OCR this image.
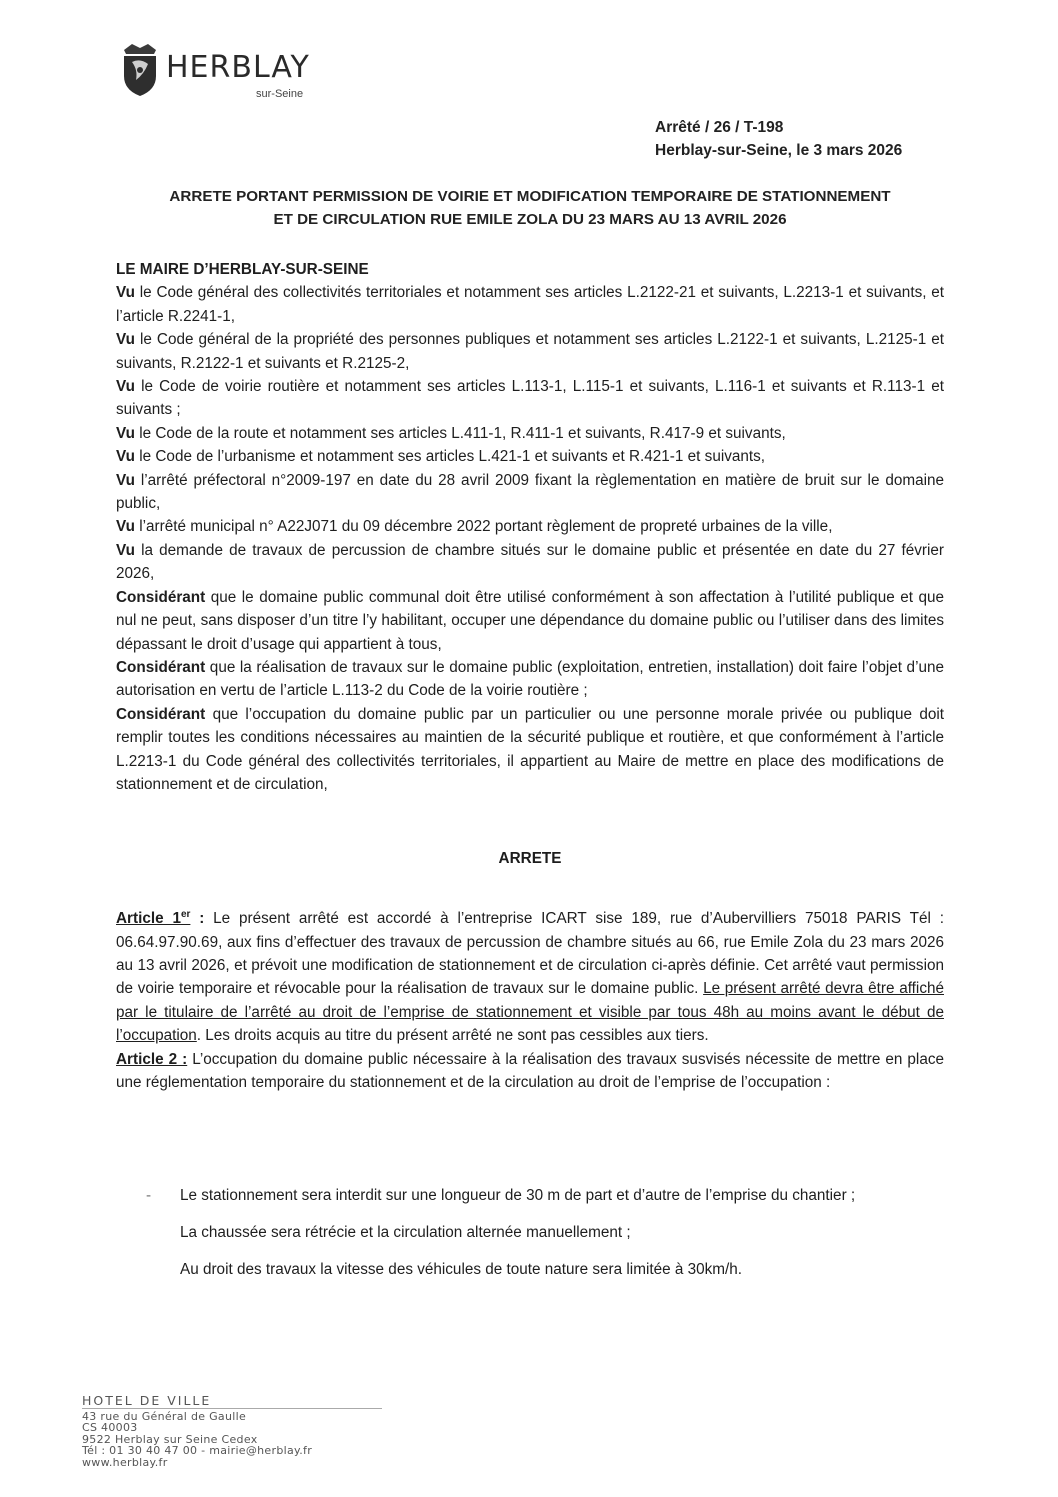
HERBLAY
sur-Seine
Arrêté / 26 / T-198
Herblay-sur-Seine, le 3 mars 2026
ARRETE PORTANT PERMISSION DE VOIRIE ET MODIFICATION TEMPORAIRE DE STATIONNEMENT
ET DE CIRCULATION RUE EMILE ZOLA DU 23 MARS AU 13 AVRIL 2026

LE MAIRE D’HERBLAY-SUR-SEINE

Vu le Code général des collectivités territoriales et notamment ses articles L.2122-21 et suivants, L.2213-1 et suivants, et l’article R.2241-1,

Vu le Code général de la propriété des personnes publiques et notamment ses articles L.2122-1 et suivants, L.2125-1 et suivants, R.2122-1 et suivants et R.2125-2,

Vu le Code de voirie routière et notamment ses articles L.113-1, L.115-1 et suivants, L.116-1 et suivants et R.113-1 et suivants ;

Vu le Code de la route et notamment ses articles L.411-1, R.411-1 et suivants, R.417-9 et suivants,

Vu le Code de l’urbanisme et notamment ses articles L.421-1 et suivants et R.421-1 et suivants,

Vu l’arrêté préfectoral n°2009-197 en date du 28 avril 2009 fixant la règlementation en matière de bruit sur le domaine public,

Vu l’arrêté municipal n° A22J071 du 09 décembre 2022 portant règlement de propreté urbaines de la ville,

Vu la demande de travaux de percussion de chambre situés sur le domaine public et présentée en date du 27 février 2026,

Considérant que le domaine public communal doit être utilisé conformément à son affectation à l’utilité publique et que nul ne peut, sans disposer d’un titre l’y habilitant, occuper une dépendance du domaine public ou l’utiliser dans des limites dépassant le droit d’usage qui appartient à tous,

Considérant que la réalisation de travaux sur le domaine public (exploitation, entretien, installation) doit faire l’objet d’une autorisation en vertu de l’article L.113-2 du Code de la voirie routière ;

Considérant que l’occupation du domaine public par un particulier ou une personne morale privée ou publique doit remplir toutes les conditions nécessaires au maintien de la sécurité publique et routière, et que conformément à l’article L.2213-1 du Code général des collectivités territoriales, il appartient au Maire de mettre en place des modifications de stationnement et de circulation,

ARRETE

Article 1er : Le présent arrêté est accordé à l’entreprise ICART sise 189, rue d’Aubervilliers 75018 PARIS Tél : 06.64.97.90.69, aux fins d’effectuer des travaux de percussion de chambre situés au 66, rue Emile Zola du 23 mars 2026 au 13 avril 2026, et prévoit une modification de stationnement et de circulation ci-après définie. Cet arrêté vaut permission de voirie temporaire et révocable pour la réalisation de travaux sur le domaine public. Le présent arrêté devra être affiché par le titulaire de l’arrêté au droit de l’emprise de stationnement et visible par tous 48h au moins avant le début de l’occupation. Les droits acquis au titre du présent arrêté ne sont pas cessibles aux tiers.

Article 2 : L’occupation du domaine public nécessaire à la réalisation des travaux susvisés nécessite de mettre en place une réglementation temporaire du stationnement et de la circulation au droit de l’emprise de l’occupation :

- Le stationnement sera interdit sur une longueur de 30 m de part et d’autre de l’emprise du chantier ;
La chaussée sera rétrécie et la circulation alternée manuellement ;
Au droit des travaux la vitesse des véhicules de toute nature sera limitée à 30km/h.
HOTEL DE VILLE
43 rue du Général de Gaulle
CS 40003
9522 Herblay sur Seine Cedex
Tél : 01 30 40 47 00 - mairie@herblay.fr
www.herblay.fr
